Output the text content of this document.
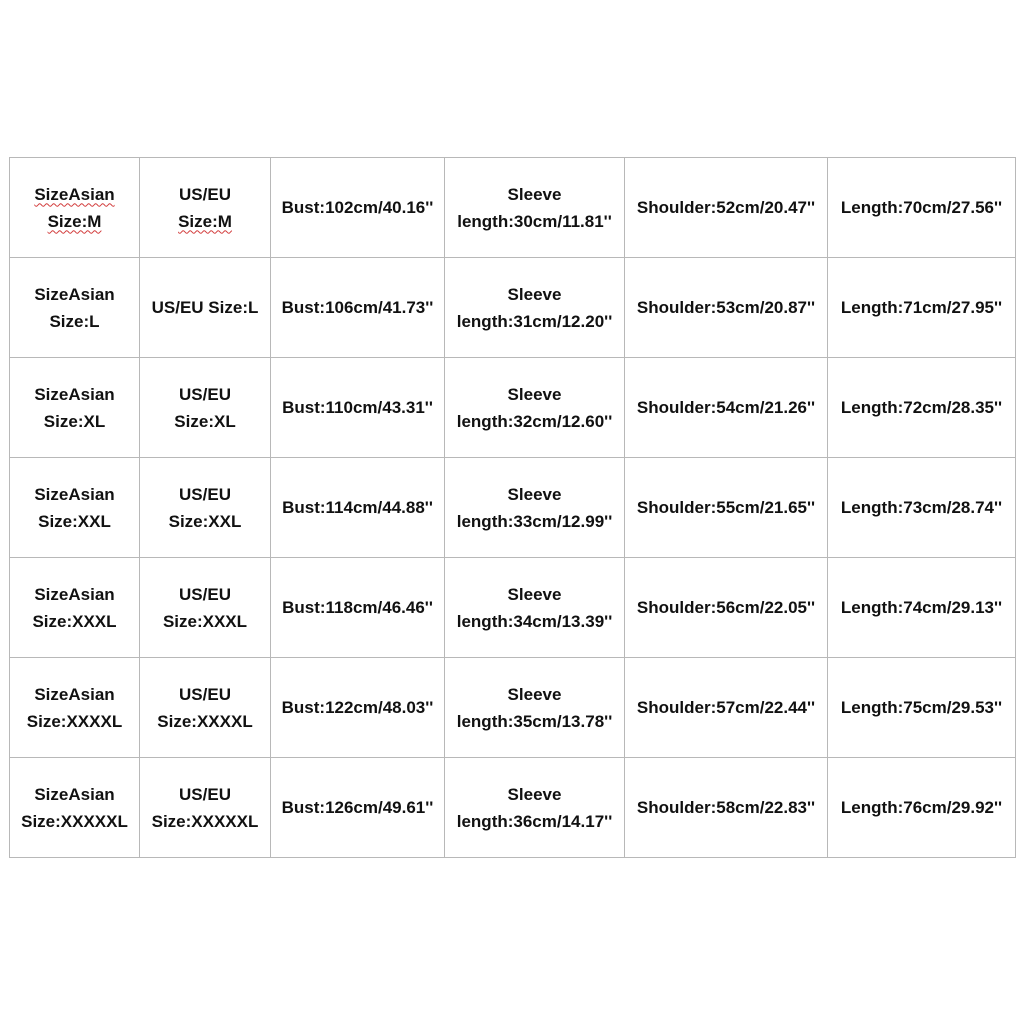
SizeAsian
Size:M	US/EU
Size:M	Bust:102cm/40.16''	Sleeve
length:30cm/11.81''	Shoulder:52cm/20.47''	Length:70cm/27.56''

SizeAsian
Size:L	US/EU Size:L	Bust:106cm/41.73''	Sleeve
length:31cm/12.20''	Shoulder:53cm/20.87''	Length:71cm/27.95''

SizeAsian
Size:XL	US/EU
Size:XL	Bust:110cm/43.31''	Sleeve
length:32cm/12.60''	Shoulder:54cm/21.26''	Length:72cm/28.35''

SizeAsian
Size:XXL	US/EU
Size:XXL	Bust:114cm/44.88''	Sleeve
length:33cm/12.99''	Shoulder:55cm/21.65''	Length:73cm/28.74''

SizeAsian
Size:XXXL	US/EU
Size:XXXL	Bust:118cm/46.46''	Sleeve
length:34cm/13.39''	Shoulder:56cm/22.05''	Length:74cm/29.13''

SizeAsian
Size:XXXXL	US/EU
Size:XXXXL	Bust:122cm/48.03''	Sleeve
length:35cm/13.78''	Shoulder:57cm/22.44''	Length:75cm/29.53''

SizeAsian
Size:XXXXXL	US/EU
Size:XXXXXL	Bust:126cm/49.61''	Sleeve
length:36cm/14.17''	Shoulder:58cm/22.83''	Length:76cm/29.92''
